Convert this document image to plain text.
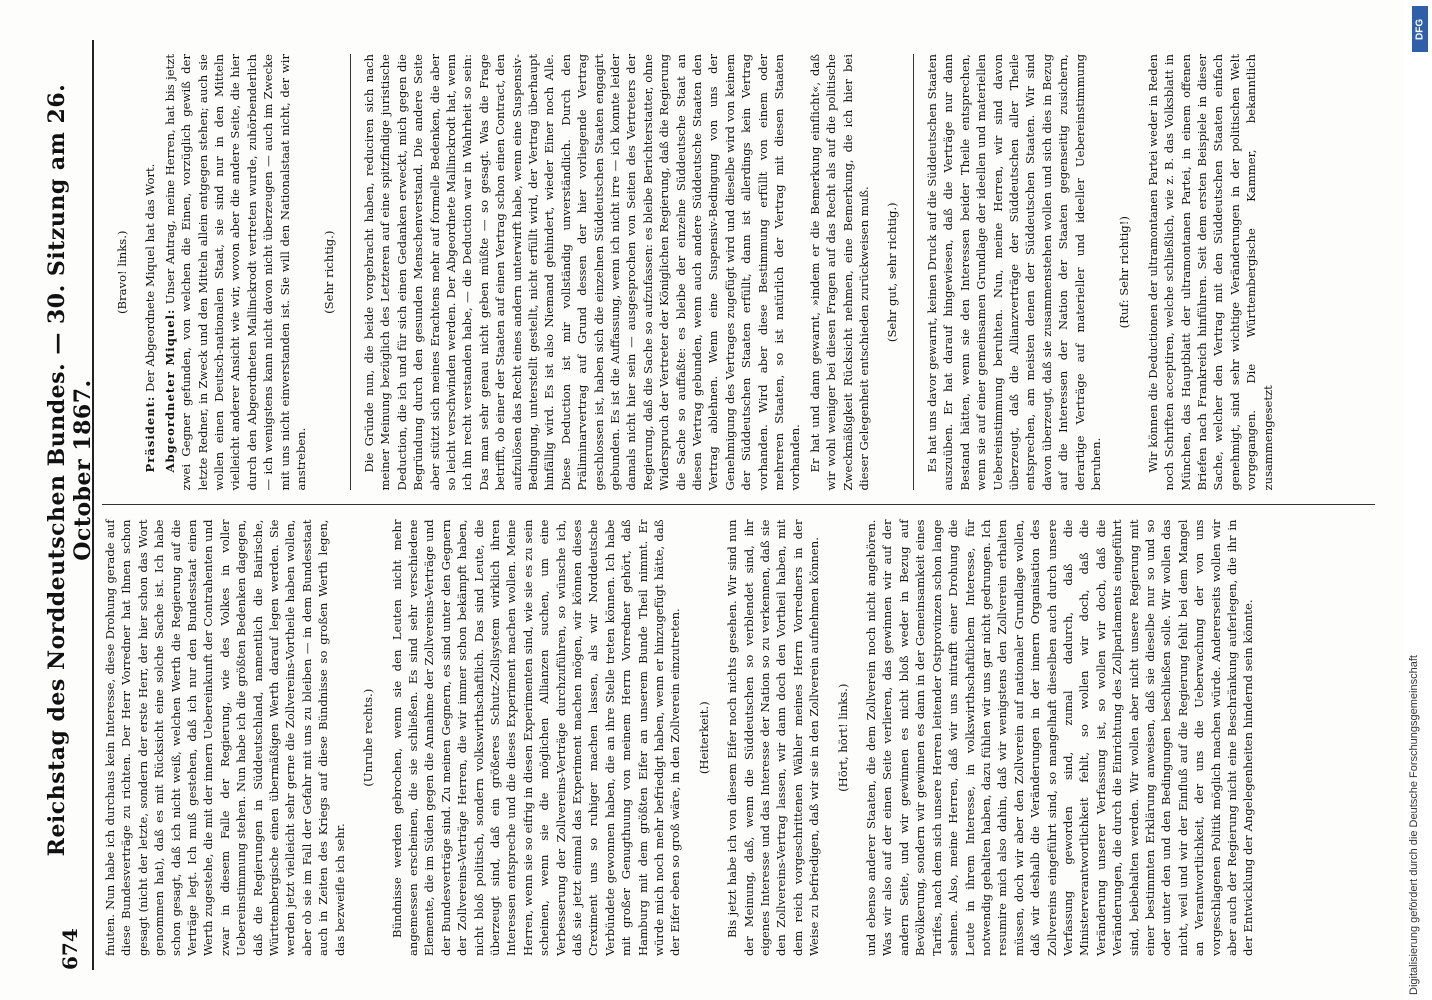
674
Reichstag des Norddeutschen Bundes. — 30. Sitzung am 26. October 1867.

fnuten. Nun habe ich durchaus kein Interesse, diese Drohung gerade auf diese Bundesverträge zu richten. Der Herr Vorredner hat Ihnen schon gesagt (nicht der letzte, sondern der erste Herr, der hier schon das Wort genommen hat), daß es mit Rücksicht eine solche Sache ist. Ich habe schon gesagt, daß ich nicht weiß, welchen Werth die Regierung auf die Verträge legt. Ich muß gestehen, daß ich nur den Bundesstaat einen Werth zugestehe, die mit der innern Uebereinkunft der Contrahenten und zwar in diesem Falle der Regierung, wie des Volkes in voller Uebereinstimmung stehen. Nun habe ich die größten Bedenken dagegen, daß die Regierungen in Süddeutschland, namentlich die Bairische, Württembergische einen übermäßigen Werth darauf legen werden. Sie werden jetzt vielleicht sehr gerne die Zollvereins-Vortheile haben wollen, aber ob sie im Fall der Gefahr mit uns zu bleiben — in dem Bundesstaat auch in Zeiten des Kriegs auf diese Bündnisse so großen Werth legen, das bezweifle ich sehr.

(Unruhe rechts.) Bündnisse werden gebrochen, wenn sie den Leuten nicht mehr angemessen erscheinen, die sie schließen. Es sind sehr verschiedene Elemente, die im Süden gegen die Annahme der Zollvereins-Verträge und der Bundesverträge sind. Zu meinen Gegnern, es sind unter den Gegnern der Zollvereins-Verträge Herren, die wir immer schon bekämpft haben, nicht bloß politisch, sondern volkswirthschaftlich. Das sind Leute, die überzeugt sind, daß ein größeres Schutz-Zollsystem wirklich ihren Interessen entspreche und die dieses Experiment machen wollen. Meine Herren, wenn sie so eifrig in diesen Experimenten sind, wie sie es zu sein scheinen, wenn sie die möglichen Allianzen suchen, um eine Verbesserung der Zollvereins-Verträge durchzuführen, so wünsche ich, daß sie jetzt einmal das Experiment machen mögen, wir können dieses Creximent uns so ruhiger machen lassen, als wir Norddeutsche Verbündete gewonnen haben, die an ihre Stelle treten können. Ich habe mit großer Genugthuung von meinem Herrn Vorredner gehört, daß Hamburg mit dem größten Eifer an unserem Bunde Theil nimmt. Er würde mich noch mehr befriedigt haben, wenn er hinzugefügt hätte, daß der Eifer eben so groß wäre, in den Zollverein einzutreten. (Heiterkeit.) Bis jetzt habe ich von diesem Eifer noch nichts gesehen. Wir sind nun der Meinung, daß, wenn die Süddeutschen so verblendet sind, ihr eigenes Interesse und das Interesse der Nation so zu verkennen, daß sie den Zollvereins-Vertrag lassen, wir dann doch den Vortheil haben, mit dem reich vorgeschrittenen Wähler meines Herrn Vorredners in der Weise zu befriedigen, daß wir sie in den Zollverein aufnehmen können. (Hört, hört! links.) und ebenso anderer Staaten, die dem Zollverein noch nicht angehören. Was wir also auf der einen Seite verlieren, das gewinnen wir auf der andern Seite, und wir gewinnen es nicht bloß weder in Bezug auf Bevölkerung, sondern wir gewinnen es dann in der Gemeinsamkeit eines Tarifes, nach dem sich unsere Herren leitender Ostprovinzen schon lange sehnen. Also, meine Herren, daß wir uns mitrafft einer Drohung die Leute in ihrem Interesse, in volkswirthschaftlichem Interesse, für notwendig gehalten haben, dazu fühlen wir uns gar nicht gedrungen. Ich resumire mich also dahin, daß wir wenigstens den Zollverein erhalten müssen, doch wir aber den Zollverein auf nationaler Grundlage wollen, daß wir deshalb die Veränderungen in der innern Organisation des Zollvereins eingeführt sind, so mangelhaft dieselben auch durch unsere Verfassung geworden sind, zumal dadurch, daß die Ministerverantwortlichkeit fehlt, so wollen wir doch, daß die Veränderung unserer Verfassung ist, so wollen wir doch, daß die Veränderungen, die durch die Einrichtung des Zollparlaments eingeführt sind, beibehalten werden. Wir wollen aber nicht unsere Regierung mit einer bestimmten Erklärung anweisen, daß sie dieselbe nur so und so oder unter den und den Bedingungen beschließen solle. Wir wollen das nicht, weil und wir der Einfluß auf die Regierung fehlt bei dem Mangel an Verantwortlichkeit, der uns die Ueberwachung der von uns vorgeschlagenen Politik möglich machen würde. Andererseits wollen wir aber auch der Regierung nicht eine Beschränkung auferlegen, die ihr in der Entwicklung der Angelegenheiten hindernd sein könnte.

(Bravo! links.)

Präsident: Der Abgeordnete Miquel hat das Wort. Abgeordneter Miquel: Unser Antrag, meine Herren, hat bis jetzt zwei Gegner gefunden, von welchen die Einen, vorzüglich gewiß der letzte Redner, in Zweck und den Mitteln allein entgegen stehen; auch sie wollen einen Deutsch-nationalen Staat, sie sind nur in den Mitteln vielleicht anderer Ansicht wie wir, wovon aber die andere Seite, die hier durch den Abgeordneten Mallinckrodt vertreten wurde, zuhörbenderlich — ich wenigstens kann nicht davon nicht überzeugen — auch im Zwecke mit uns nicht einverstanden ist. Sie will den Nationalstaat nicht, der wir anstreben.

(Sehr richtig.) Die Gründe nun, die beide vorgebracht haben, reduciren sich nach meiner Meinung bezüglich des Letzteren auf eine spitzfindige juristische Deduction, die ich und für sich einen Gedanken erweckt, mich gegen die Begründung durch den gesunden Menschenverstand. Die andere Seite aber stützt sich meines Erachtens mehr auf formelle Bedenken, die aber so leicht verschwinden werden. Der Abgeordnete Mallinckrodt hat, wenn ich ihn recht verstanden habe, — die Deduction war in Wahrheit so sein: Das man sehr genau nicht geben müßte — so gesagt. Was die Frage betrifft, ob einer der Staaten auf einen Vertrag schon einen Contract, den aufzulösen das Recht eines andern unterwirft habe, wenn eine Suspensiv-Bedingung, unterstellt gestellt, nicht erfüllt wird, der Vertrag überhaupt hinfällig wird. Es ist also Niemand gehindert, wieder Einer noch Alle. Diese Deduction ist mir vollständig unverständlich. Durch den Präliminarvertrag auf Grund dessen der hier vorliegende Vertrag geschlossen ist, haben sich die einzelnen Süddeutschen Staaten engagirt gebunden. Es ist die Auffassung, wenn ich nicht irre — ich konnte leider damals nicht hier sein — ausgesprochen von Seiten des Vertreters der Regierung, daß die Sache so aufzufassen: es bleibe Berichterstatter, ohne Widerspruch der Vertreter der Königlichen Regierung, daß die Regierung die Sache so auffaßte: es bleibe der einzelne Süddeutsche Staat an diesen Vertrag gebunden, wenn auch andere Süddeutsche Staaten den Vertrag ablehnen. Wenn eine Suspensiv-Bedingung von uns der Genehmigung des Vertrages zugefügt wird und dieselbe wird von keinem der Süddeutschen Staaten erfüllt, dann ist allerdings kein Vertrag vorhanden. Wird aber diese Bestimmung erfüllt von einem oder mehreren Staaten, so ist natürlich der Vertrag mit diesen Staaten vorhanden. Er hat und dann gewarnt, »indem er die Bemerkung einflicht«, daß wir wohl weniger bei diesen Fragen auf das Recht als auf die politische Zweckmäßigkeit Rücksicht nehmen, eine Bemerkung, die ich hier bei dieser Gelegenheit entschieden zurückweisen muß. (Sehr gut, sehr richtig.) Es hat uns davor gewarnt, keinen Druck auf die Süddeutschen Staaten auszuüben. Er hat darauf hingewiesen, daß die Verträge nur dann Bestand hätten, wenn sie den Interessen beider Theile entsprechen, wenn sie auf einer gemeinsamen Grundlage der ideellen und materiellen Uebereinstimmung beruhten. Nun, meine Herren, wir sind davon überzeugt, daß die Allianzverträge der Süddeutschen aller Theile entsprechen, am meisten denen der Süddeutschen Staaten. Wir sind davon überzeugt, daß sie zusammenstehen wollen und sich dies in Bezug auf die Interessen der Nation der Staaten gegenseitig zusichern, derartige Verträge auf materieller und ideeller Uebereinstimmung beruhen.

(Ruf: Sehr richtig!) Wir können die Deductionen der ultramontanen Partei weder in Reden noch Schriften acceptiren, welche schließlich, wie z. B. das Volksblatt in München, das Hauptblatt der ultramontanen Partei, in einem offenen Briefen nach Frankreich hinführen. Seit dem ersten Beispiele in dieser Sache, welcher den Vertrag mit den Süddeutschen Staaten einfach genehmigt, sind sehr wichtige Veränderungen in der politischen Welt vorgegangen. Die Württembergische Kammer, bekanntlich zusammengesetzt

DFG
Digitalisierung gefördert durch die Deutsche Forschungsgemeinschaft
